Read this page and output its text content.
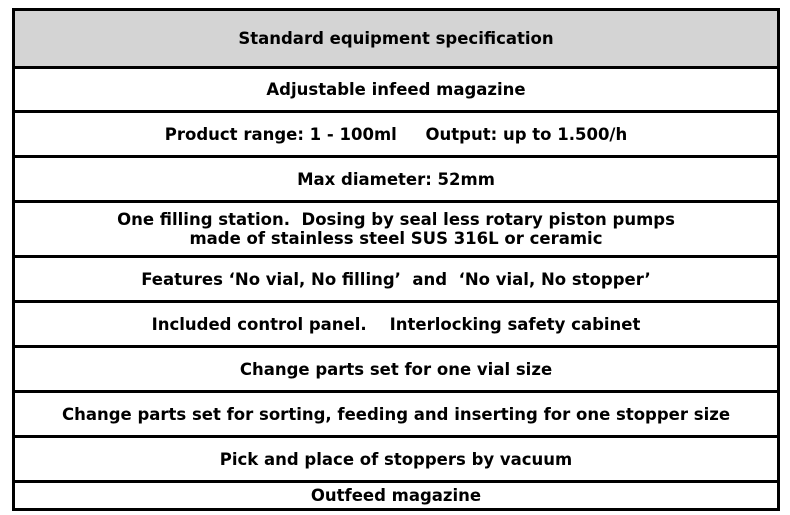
Standard equipment specification
Adjustable infeed magazine
Product range: 1 - 100ml     Output: up to 1.500/h
Max diameter: 52mm
One filling station.  Dosing by seal less rotary piston pumps
made of stainless steel SUS 316L or ceramic
Features ‘No vial, No filling’  and  ‘No vial, No stopper’
Included control panel.    Interlocking safety cabinet
Change parts set for one vial size
Change parts set for sorting, feeding and inserting for one stopper size
Pick and place of stoppers by vacuum
Outfeed magazine
